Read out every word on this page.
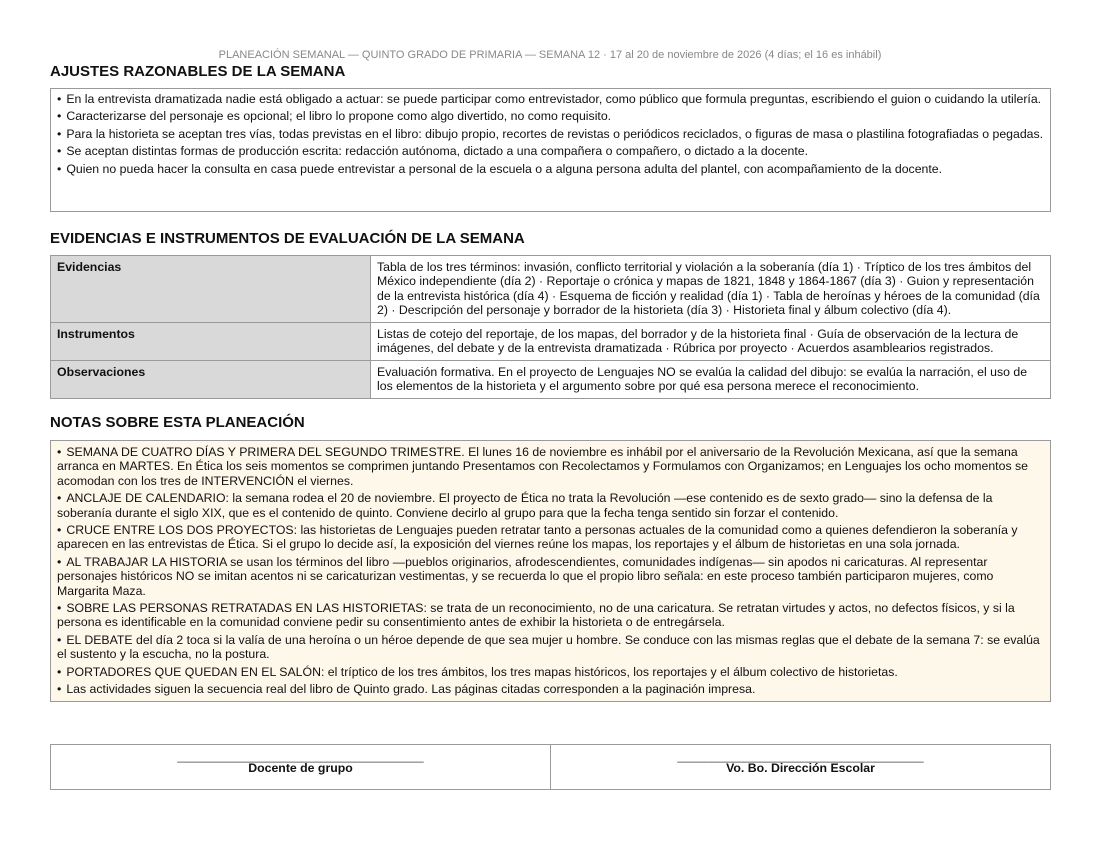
PLANEACIÓN SEMANAL — QUINTO GRADO DE PRIMARIA — SEMANA 12 · 17 al 20 de noviembre de 2026 (4 días; el 16 es inhábil)
AJUSTES RAZONABLES DE LA SEMANA
• En la entrevista dramatizada nadie está obligado a actuar: se puede participar como entrevistador, como público que formula preguntas, escribiendo el guion o cuidando la utilería.
• Caracterizarse del personaje es opcional; el libro lo propone como algo divertido, no como requisito.
• Para la historieta se aceptan tres vías, todas previstas en el libro: dibujo propio, recortes de revistas o periódicos reciclados, o figuras de masa o plastilina fotografiadas o pegadas.
• Se aceptan distintas formas de producción escrita: redacción autónoma, dictado a una compañera o compañero, o dictado a la docente.
• Quien no pueda hacer la consulta en casa puede entrevistar a personal de la escuela o a alguna persona adulta del plantel, con acompañamiento de la docente.
EVIDENCIAS E INSTRUMENTOS DE EVALUACIÓN DE LA SEMANA
Evidencias	Tabla de los tres términos: invasión, conflicto territorial y violación a la soberanía (día 1) · Tríptico de los tres ámbitos del México independiente (día 2) · Reportaje o crónica y mapas de 1821, 1848 y 1864-1867 (día 3) · Guion y representación de la entrevista histórica (día 4) · Esquema de ficción y realidad (día 1) · Tabla de heroínas y héroes de la comunidad (día 2) · Descripción del personaje y borrador de la historieta (día 3) · Historieta final y álbum colectivo (día 4).
Instrumentos	Listas de cotejo del reportaje, de los mapas, del borrador y de la historieta final · Guía de observación de la lectura de imágenes, del debate y de la entrevista dramatizada · Rúbrica por proyecto · Acuerdos asamblearios registrados.
Observaciones	Evaluación formativa. En el proyecto de Lenguajes NO se evalúa la calidad del dibujo: se evalúa la narración, el uso de los elementos de la historieta y el argumento sobre por qué esa persona merece el reconocimiento.
NOTAS SOBRE ESTA PLANEACIÓN
• SEMANA DE CUATRO DÍAS Y PRIMERA DEL SEGUNDO TRIMESTRE. El lunes 16 de noviembre es inhábil por el aniversario de la Revolución Mexicana, así que la semana arranca en MARTES. En Ética los seis momentos se comprimen juntando Presentamos con Recolectamos y Formulamos con Organizamos; en Lenguajes los ocho momentos se acomodan con los tres de INTERVENCIÓN el viernes.
• ANCLAJE DE CALENDARIO: la semana rodea el 20 de noviembre. El proyecto de Ética no trata la Revolución —ese contenido es de sexto grado— sino la defensa de la soberanía durante el siglo XIX, que es el contenido de quinto. Conviene decirlo al grupo para que la fecha tenga sentido sin forzar el contenido.
• CRUCE ENTRE LOS DOS PROYECTOS: las historietas de Lenguajes pueden retratar tanto a personas actuales de la comunidad como a quienes defendieron la soberanía y aparecen en las entrevistas de Ética. Si el grupo lo decide así, la exposición del viernes reúne los mapas, los reportajes y el álbum de historietas en una sola jornada.
• AL TRABAJAR LA HISTORIA se usan los términos del libro —pueblos originarios, afrodescendientes, comunidades indígenas— sin apodos ni caricaturas. Al representar personajes históricos NO se imitan acentos ni se caricaturizan vestimentas, y se recuerda lo que el propio libro señala: en este proceso también participaron mujeres, como Margarita Maza.
• SOBRE LAS PERSONAS RETRATADAS EN LAS HISTORIETAS: se trata de un reconocimiento, no de una caricatura. Se retratan virtudes y actos, no defectos físicos, y si la persona es identificable en la comunidad conviene pedir su consentimiento antes de exhibir la historieta o de entregársela.
• EL DEBATE del día 2 toca si la valía de una heroína o un héroe depende de que sea mujer u hombre. Se conduce con las mismas reglas que el debate de la semana 7: se evalúa el sustento y la escucha, no la postura.
• PORTADORES QUE QUEDAN EN EL SALÓN: el tríptico de los tres ámbitos, los tres mapas históricos, los reportajes y el álbum colectivo de historietas.
• Las actividades siguen la secuencia real del libro de Quinto grado. Las páginas citadas corresponden a la paginación impresa.
____________________________________
Docente de grupo

____________________________________
Vo. Bo. Dirección Escolar
